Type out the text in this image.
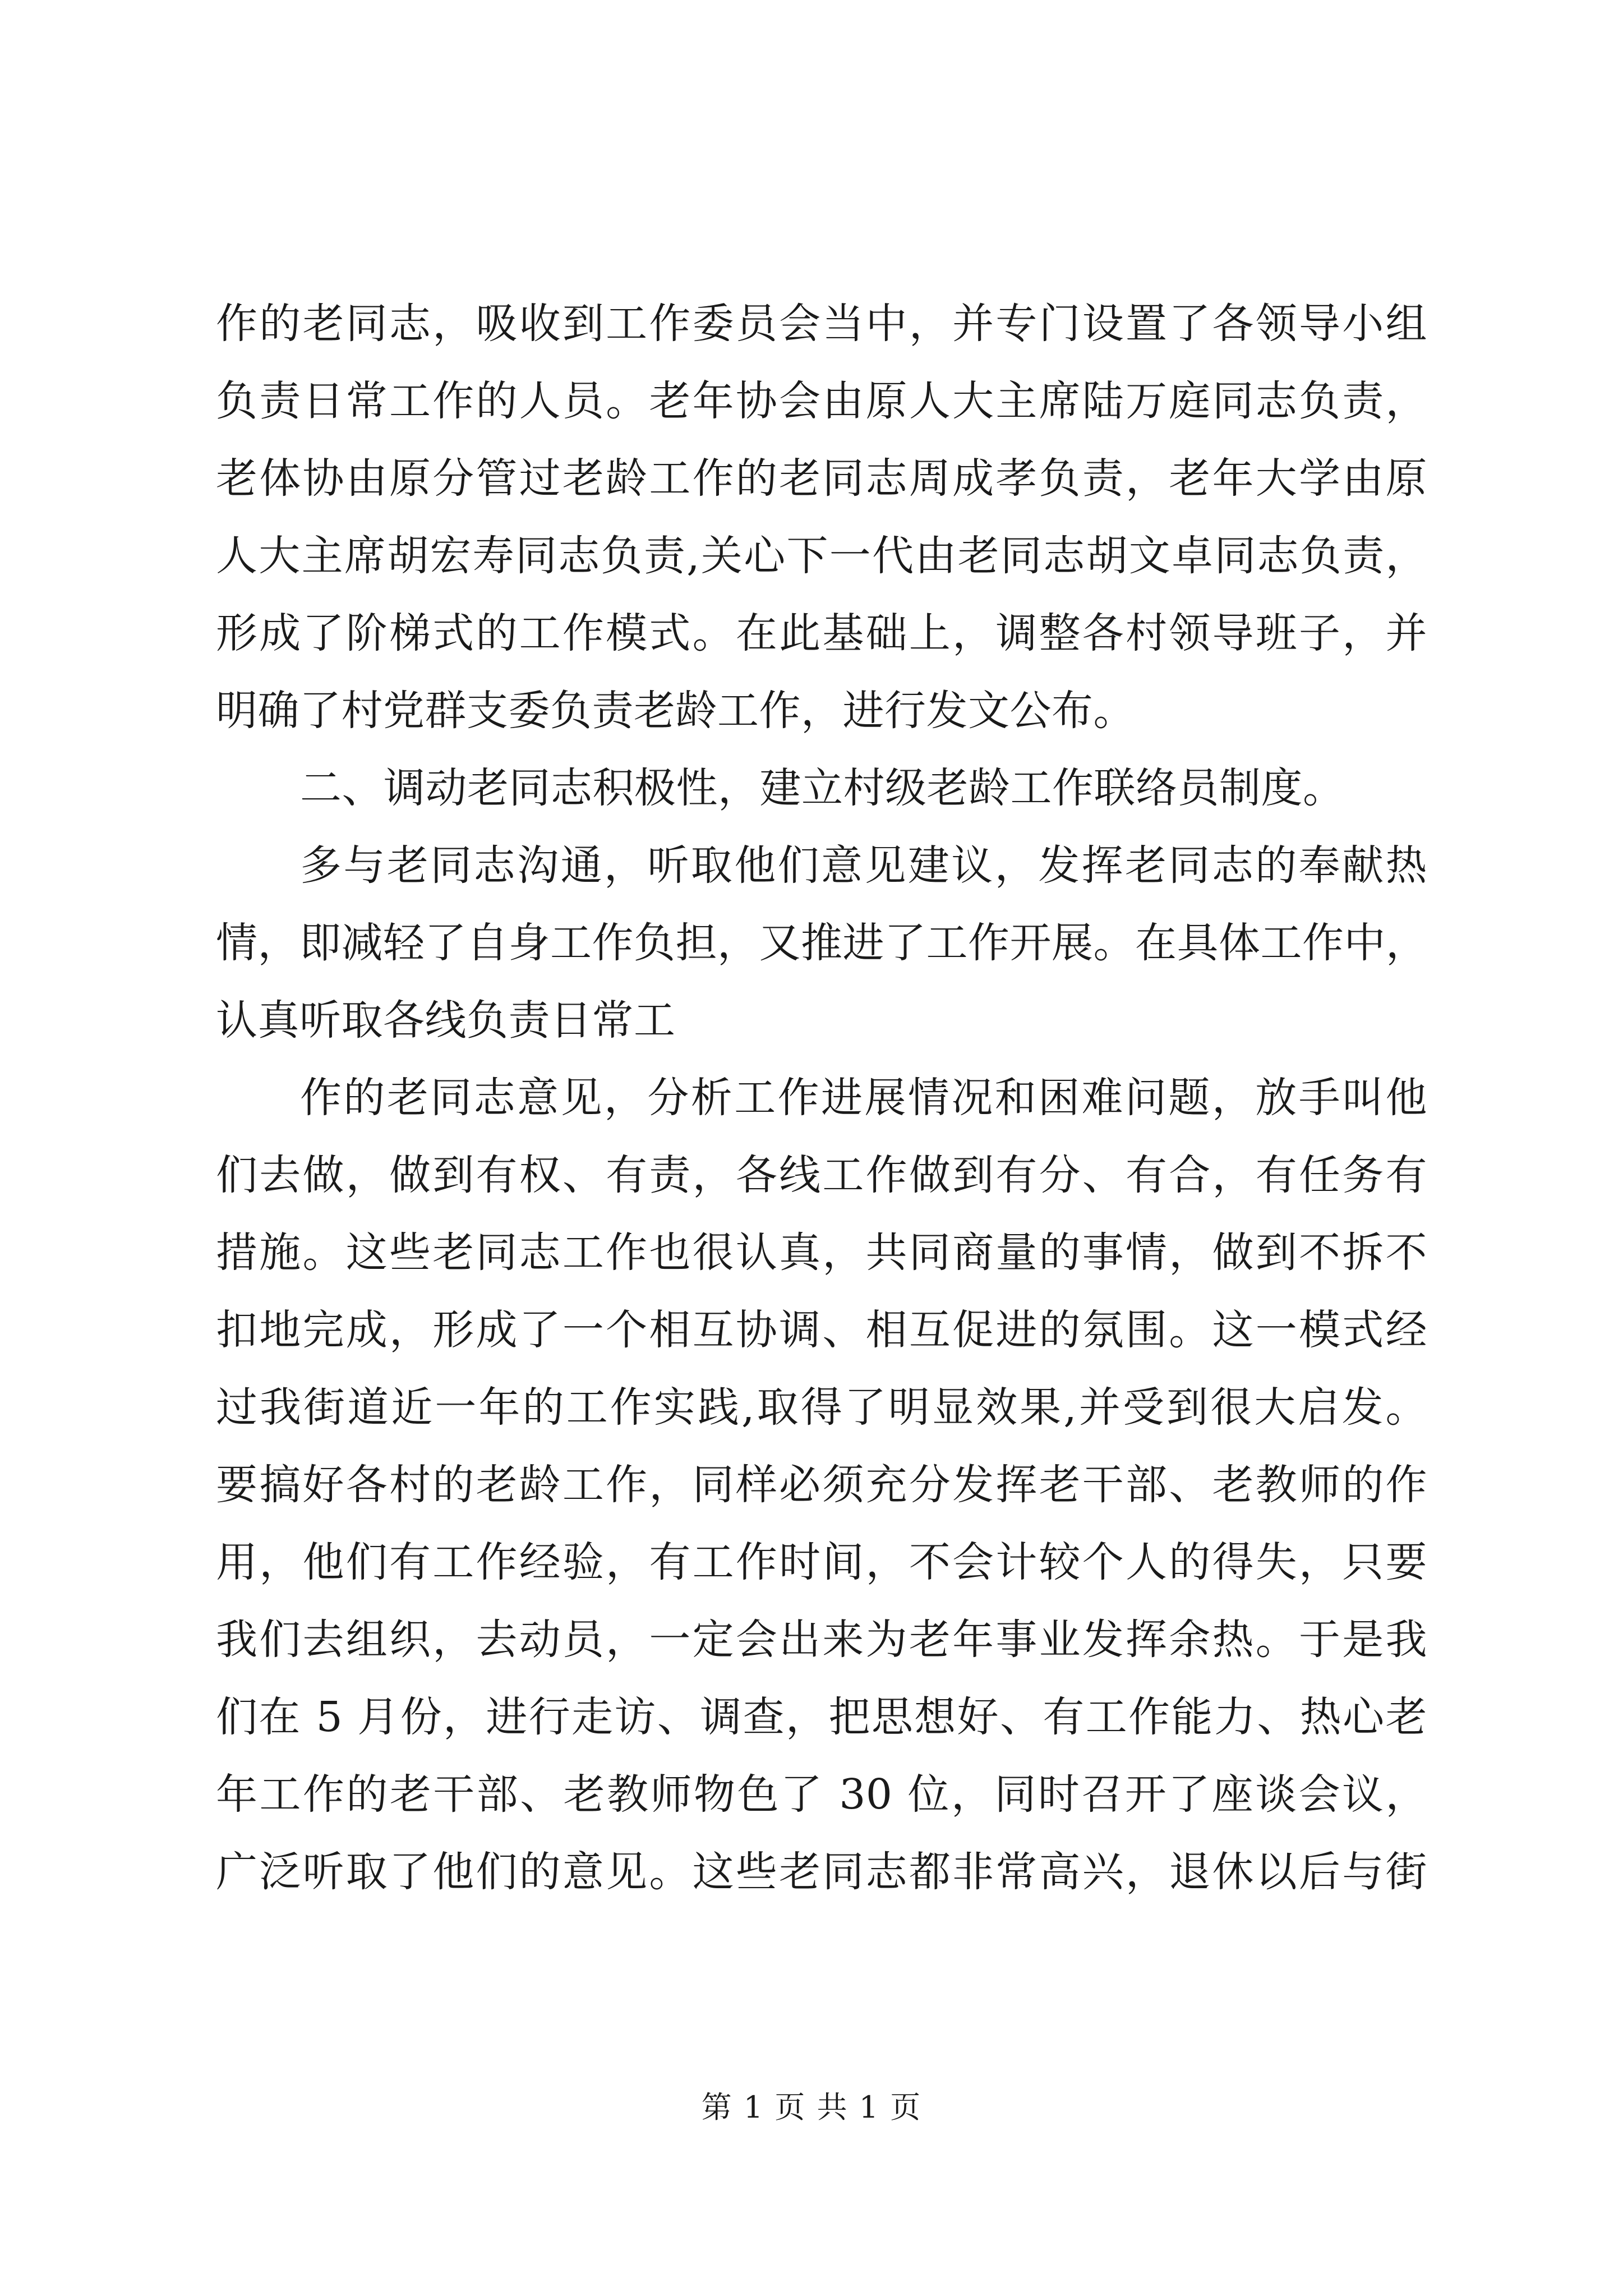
作的老同志，吸收到工作委员会当中，并专门设置了各领导小组
负责日常工作的人员。老年协会由原人大主席陆万庭同志负责，
老体协由原分管过老龄工作的老同志周成孝负责，老年大学由原
人大主席胡宏寿同志负责,关心下一代由老同志胡文卓同志负责，
形成了阶梯式的工作模式。在此基础上，调整各村领导班子，并
明确了村党群支委负责老龄工作，进行发文公布。
二、调动老同志积极性，建立村级老龄工作联络员制度。
多与老同志沟通，听取他们意见建议，发挥老同志的奉献热
情，即减轻了自身工作负担，又推进了工作开展。在具体工作中，
认真听取各线负责日常工
作的老同志意见，分析工作进展情况和困难问题，放手叫他
们去做，做到有权、有责，各线工作做到有分、有合，有任务有
措施。这些老同志工作也很认真，共同商量的事情，做到不拆不
扣地完成，形成了一个相互协调、相互促进的氛围。这一模式经
过我街道近一年的工作实践,取得了明显效果,并受到很大启发。
要搞好各村的老龄工作，同样必须充分发挥老干部、老教师的作
用，他们有工作经验，有工作时间，不会计较个人的得失，只要
我们去组织，去动员，一定会出来为老年事业发挥余热。于是我
们在 5 月份，进行走访、调查，把思想好、有工作能力、热心老
年工作的老干部、老教师物色了 30 位，同时召开了座谈会议，
广泛听取了他们的意见。这些老同志都非常高兴，退休以后与街
第 1 页 共 1 页
